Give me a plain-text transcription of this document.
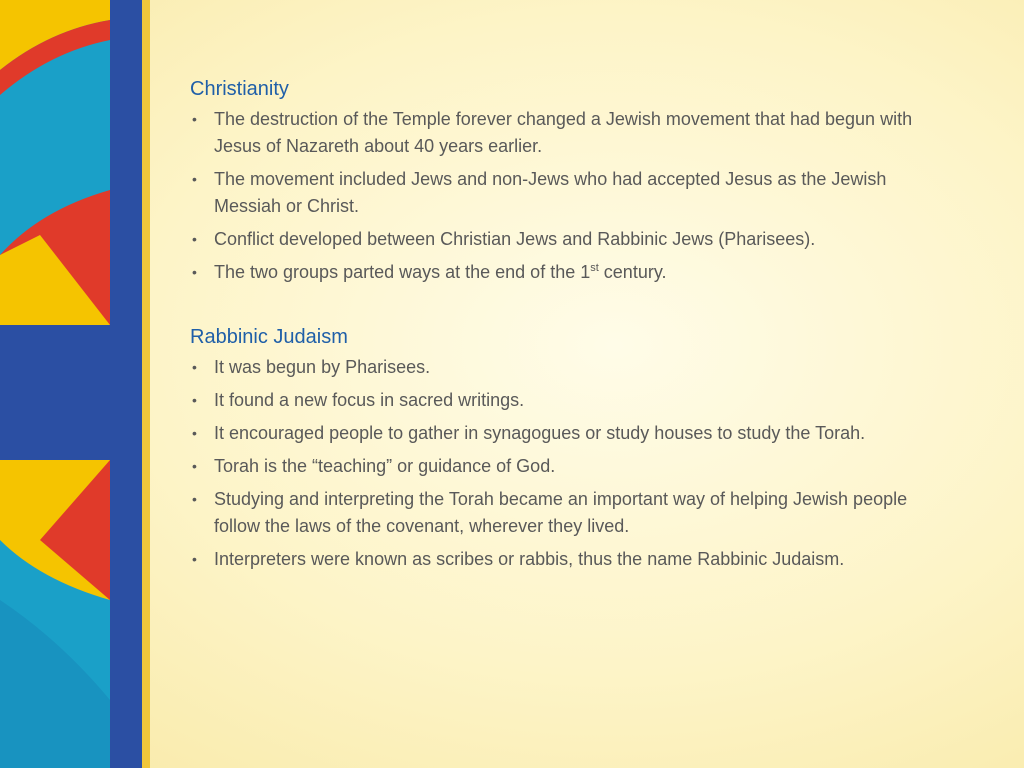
Christianity
• The destruction of the Temple forever changed a Jewish movement that had begun with Jesus of Nazareth about 40 years earlier.
• The movement included Jews and non-Jews who had accepted Jesus as the Jewish Messiah or Christ.
• Conflict developed between Christian Jews and Rabbinic Jews (Pharisees).
• The two groups parted ways at the end of the 1st century.
Rabbinic Judaism
• It was begun by Pharisees.
• It found a new focus in sacred writings.
• It encouraged people to gather in synagogues or study houses to study the Torah.
• Torah is the “teaching” or guidance of God.
• Studying and interpreting the Torah became an important way of helping Jewish people follow the laws of the covenant, wherever they lived.
• Interpreters were known as scribes or rabbis, thus the name Rabbinic Judaism.
